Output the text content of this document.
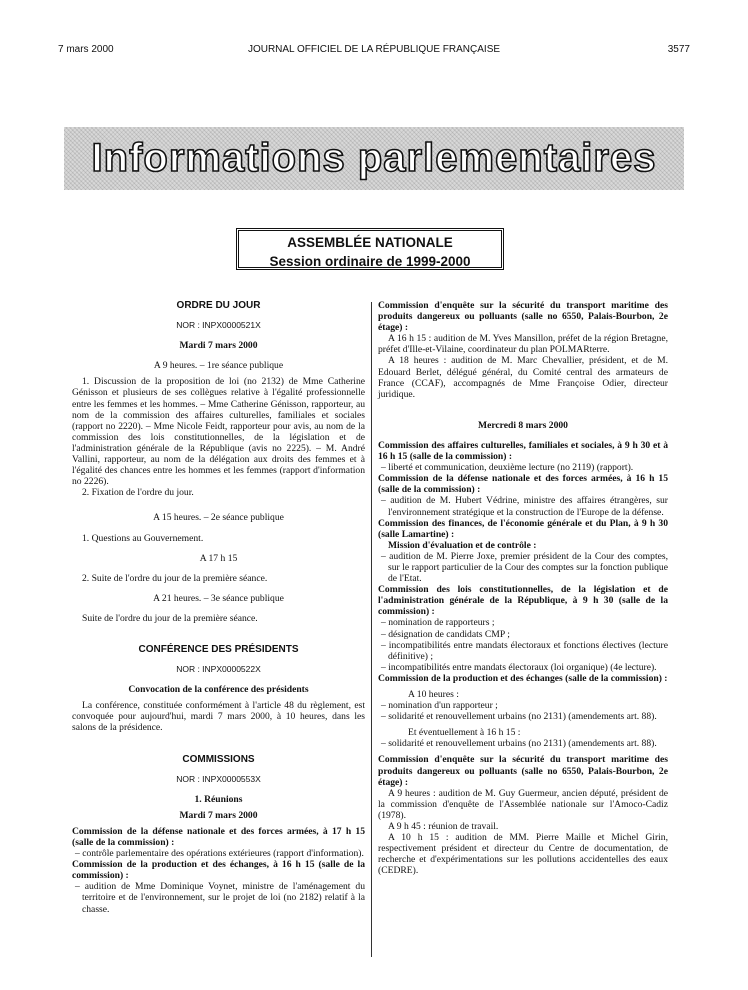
7 mars 2000	JOURNAL OFFICIEL DE LA RÉPUBLIQUE FRANÇAISE	3577
Informations parlementaires
ASSEMBLÉE NATIONALE
Session ordinaire de 1999-2000

ORDRE DU JOUR

NOR : INPX0000521X

Mardi 7 mars 2000

A 9 heures. – 1re séance publique

1. Discussion de la proposition de loi (no 2132) de Mme Catherine Génisson et plusieurs de ses collègues relative à l'égalité professionnelle entre les femmes et les hommes. – Mme Catherine Génisson, rapporteur, au nom de la commission des affaires culturelles, familiales et sociales (rapport no 2220). – Mme Nicole Feidt, rapporteur pour avis, au nom de la commission des lois constitutionnelles, de la législation et de l'administration générale de la République (avis no 2225). – M. André Vallini, rapporteur, au nom de la délégation aux droits des femmes et à l'égalité des chances entre les hommes et les femmes (rapport d'information no 2226).

2. Fixation de l'ordre du jour.

A 15 heures. – 2e séance publique

1. Questions au Gouvernement.

A 17 h 15

2. Suite de l'ordre du jour de la première séance.

A 21 heures. – 3e séance publique

Suite de l'ordre du jour de la première séance.

CONFÉRENCE DES PRÉSIDENTS

NOR : INPX0000522X

Convocation de la conférence des présidents

La conférence, constituée conformément à l'article 48 du règlement, est convoquée pour aujourd'hui, mardi 7 mars 2000, à 10 heures, dans les salons de la présidence.

COMMISSIONS

NOR : INPX0000553X

1. Réunions

Mardi 7 mars 2000

Commission de la défense nationale et des forces armées, à 17 h 15 (salle de la commission) :

– contrôle parlementaire des opérations extérieures (rapport d'information).

Commission de la production et des échanges, à 16 h 15 (salle de la commission) :

– audition de Mme Dominique Voynet, ministre de l'aménagement du territoire et de l'environnement, sur le projet de loi (no 2182) relatif à la chasse.

Commission d'enquête sur la sécurité du transport maritime des produits dangereux ou polluants (salle no 6550, Palais-Bourbon, 2e étage) :

A 16 h 15 : audition de M. Yves Mansillon, préfet de la région Bretagne, préfet d'Ille-et-Vilaine, coordinateur du plan POLMARterre.

A 18 heures : audition de M. Marc Chevallier, président, et de M. Edouard Berlet, délégué général, du Comité central des armateurs de France (CCAF), accompagnés de Mme Françoise Odier, directeur juridique.

Mercredi 8 mars 2000

Commission des affaires culturelles, familiales et sociales, à 9 h 30 et à 16 h 15 (salle de la commission) :

– liberté et communication, deuxième lecture (no 2119) (rapport).

Commission de la défense nationale et des forces armées, à 16 h 15 (salle de la commission) :

– audition de M. Hubert Védrine, ministre des affaires étrangères, sur l'environnement stratégique et la construction de l'Europe de la défense.

Commission des finances, de l'économie générale et du Plan, à 9 h 30 (salle Lamartine) :

Mission d'évaluation et de contrôle :

– audition de M. Pierre Joxe, premier président de la Cour des comptes, sur le rapport particulier de la Cour des comptes sur la fonction publique de l'Etat.

Commission des lois constitutionnelles, de la législation et de l'administration générale de la République, à 9 h 30 (salle de la commission) :

– nomination de rapporteurs ;

– désignation de candidats CMP ;

– incompatibilités entre mandats électoraux et fonctions électives (lecture définitive) ;

– incompatibilités entre mandats électoraux (loi organique) (4e lecture).

Commission de la production et des échanges (salle de la commission) :

A 10 heures :

– nomination d'un rapporteur ;

– solidarité et renouvellement urbains (no 2131) (amendements art. 88).

Et éventuellement à 16 h 15 :

– solidarité et renouvellement urbains (no 2131) (amendements art. 88).

Commission d'enquête sur la sécurité du transport maritime des produits dangereux ou polluants (salle no 6550, Palais-Bourbon, 2e étage) :

A 9 heures : audition de M. Guy Guermeur, ancien député, président de la commission d'enquête de l'Assemblée nationale sur l'Amoco-Cadiz (1978).

A 9 h 45 : réunion de travail.

A 10 h 15 : audition de MM. Pierre Maille et Michel Girin, respectivement président et directeur du Centre de documentation, de recherche et d'expérimentations sur les pollutions accidentelles des eaux (CEDRE).
